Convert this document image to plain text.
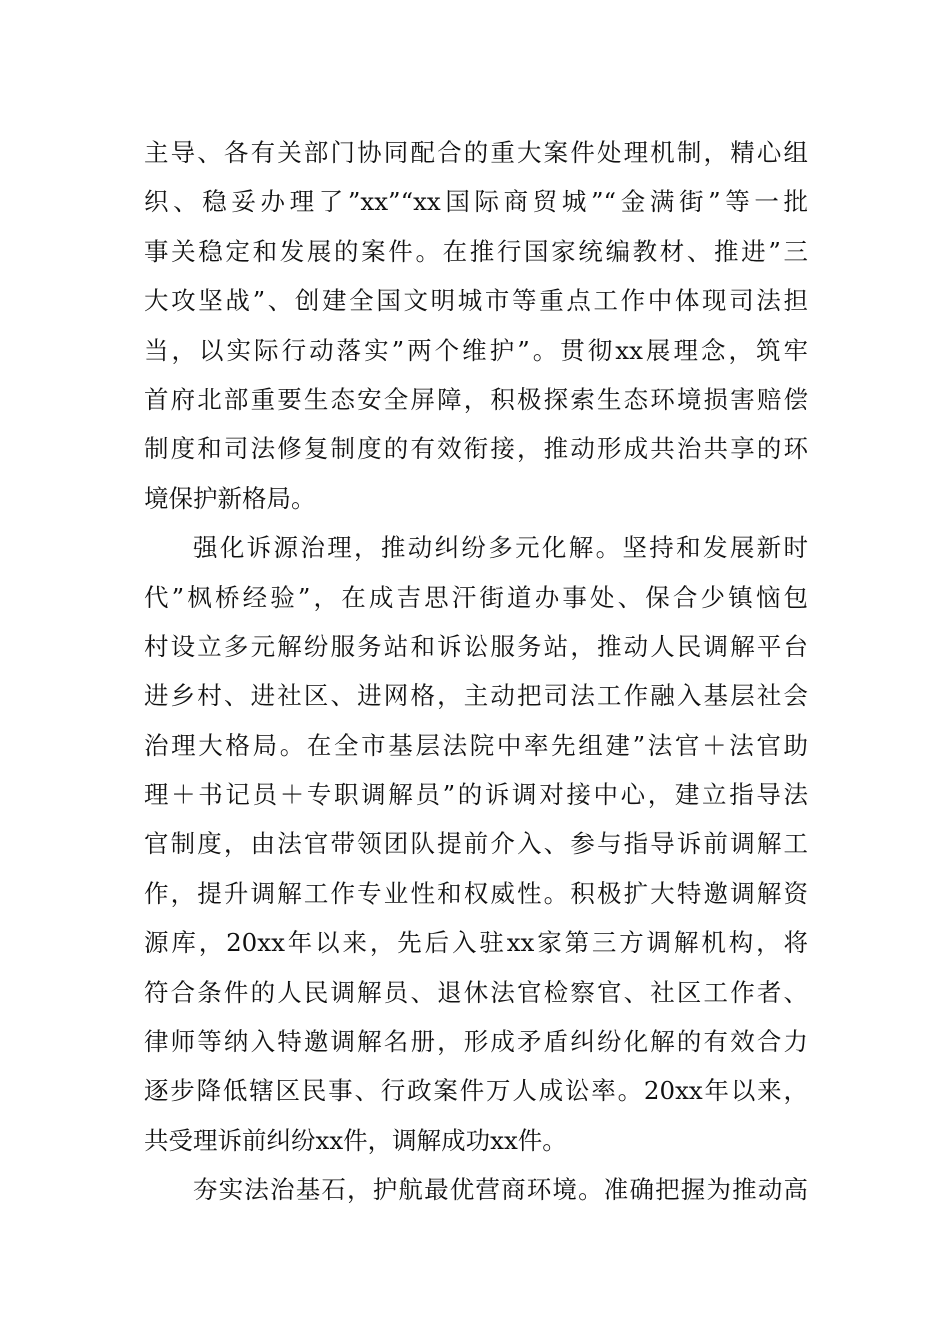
主导、各有关部门协同配合的重大案件处理机制，精心组
织、稳妥办理了”xx”“xx国际商贸城”“金满街”等一批
事关稳定和发展的案件。在推行国家统编教材、推进”三
大攻坚战”、创建全国文明城市等重点工作中体现司法担
当，以实际行动落实”两个维护”。贯彻xx展理念，筑牢
首府北部重要生态安全屏障，积极探索生态环境损害赔偿
制度和司法修复制度的有效衔接，推动形成共治共享的环
境保护新格局。
强化诉源治理，推动纠纷多元化解。坚持和发展新时
代”枫桥经验”，在成吉思汗街道办事处、保合少镇恼包
村设立多元解纷服务站和诉讼服务站，推动人民调解平台
进乡村、进社区、进网格，主动把司法工作融入基层社会
治理大格局。在全市基层法院中率先组建”法官＋法官助
理＋书记员＋专职调解员”的诉调对接中心，建立指导法
官制度，由法官带领团队提前介入、参与指导诉前调解工
作，提升调解工作专业性和权威性。积极扩大特邀调解资
源库，20xx年以来，先后入驻xx家第三方调解机构，将
符合条件的人民调解员、退休法官检察官、社区工作者、
律师等纳入特邀调解名册，形成矛盾纠纷化解的有效合力
逐步降低辖区民事、行政案件万人成讼率。20xx年以来，
共受理诉前纠纷xx件，调解成功xx件。
夯实法治基石，护航最优营商环境。准确把握为推动高
